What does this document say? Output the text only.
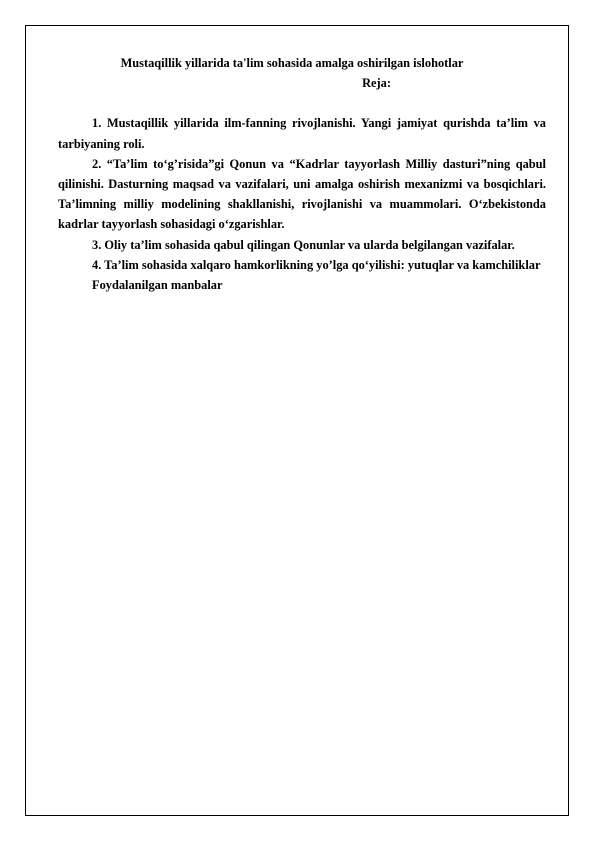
Mustaqillik yillarida ta'lim sohasida amalga oshirilgan islohotlar

Reja:

1. Mustaqillik yillarida ilm-fanning rivojlanishi. Yangi jamiyat qurishda ta’lim va tarbiyaning roli.

2. “Ta’lim to‘g’risida”gi Qonun va “Kadrlar tayyorlash Milliy dasturi”ning qabul qilinishi. Dasturning maqsad va vazifalari, uni amalga oshirish mexanizmi va bosqichlari. Ta’limning milliy modelining shakllanishi, rivojlanishi va muammolari. O‘zbekistonda kadrlar tayyorlash sohasidagi o‘zgarishlar.

3. Oliy ta’lim sohasida qabul qilingan Qonunlar va ularda belgilangan vazifalar.

4. Ta’lim sohasida xalqaro hamkorlikning yo’lga qo‘yilishi: yutuqlar va kamchiliklar

Foydalanilgan manbalar
